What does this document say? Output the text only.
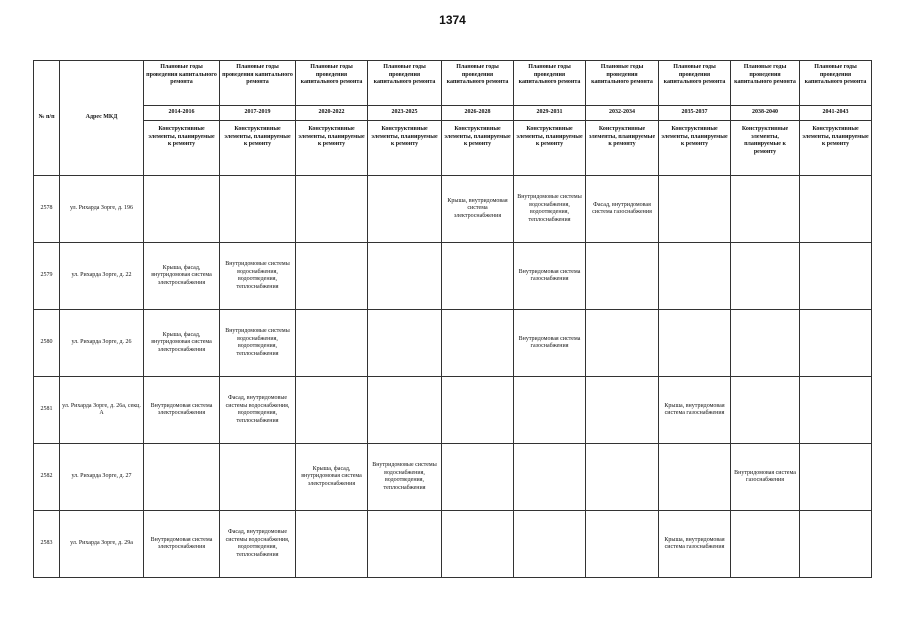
1374
№ п/п	Адрес МКД	Плановые годы проведения капитального ремонта	Плановые годы проведения капитального ремонта	Плановые годы проведения капитального ремонта	Плановые годы проведения капитального ремонта	Плановые годы проведения капитального ремонта	Плановые годы проведения капитального ремонта	Плановые годы проведения капитального ремонта	Плановые годы проведения капитального ремонта	Плановые годы проведения капитального ремонта	Плановые годы проведения капитального ремонта
		2014-2016	2017-2019	2020-2022	2023-2025	2026-2028	2029-2031	2032-2034	2035-2037	2038-2040	2041-2043
		Конструктивные элементы, планируемые к ремонту	Конструктивные элементы, планируемые к ремонту	Конструктивные элементы, планируемые к ремонту	Конструктивные элементы, планируемые к ремонту	Конструктивные элементы, планируемые к ремонту	Конструктивные элементы, планируемые к ремонту	Конструктивные элементы, планируемые к ремонту	Конструктивные элементы, планируемые к ремонту	Конструктивные элементы, планируемые к ремонту	Конструктивные элементы, планируемые к ремонту
2578	ул. Рихарда Зорге, д. 196					Крыша, внутридомовая система электроснабжения	Внутридомовые системы водоснабжения, водоотведения, теплоснабжения	Фасад, внутридомовая система газоснабжения			
2579	ул. Рихарда Зорге, д. 22	Крыша, фасад, внутридомовая система электроснабжения	Внутридомовые системы водоснабжения, водоотведения, теплоснабжения				Внутридомовая система газоснабжения				
2580	ул. Рихарда Зорге, д. 26	Крыша, фасад, внутридомовая система электроснабжения	Внутридомовые системы водоснабжения, водоотведения, теплоснабжения				Внутридомовая система газоснабжения				
2581	ул. Рихарда Зорге, д. 26а, секц. А	Внутридомовая система электроснабжения	Фасад, внутридомовые системы водоснабжения, водоотведения, теплоснабжения						Крыша, внутридомовая система газоснабжения		
2582	ул. Рихарда Зорге, д. 27			Крыша, фасад, внутридомовая система электроснабжения	Внутридомовые системы водоснабжения, водоотведения, теплоснабжения					Внутридомовая система газоснабжения	
2583	ул. Рихарда Зорге, д. 29а	Внутридомовая система электроснабжения	Фасад, внутридомовые системы водоснабжения, водоотведения, теплоснабжения						Крыша, внутридомовая система газоснабжения		
